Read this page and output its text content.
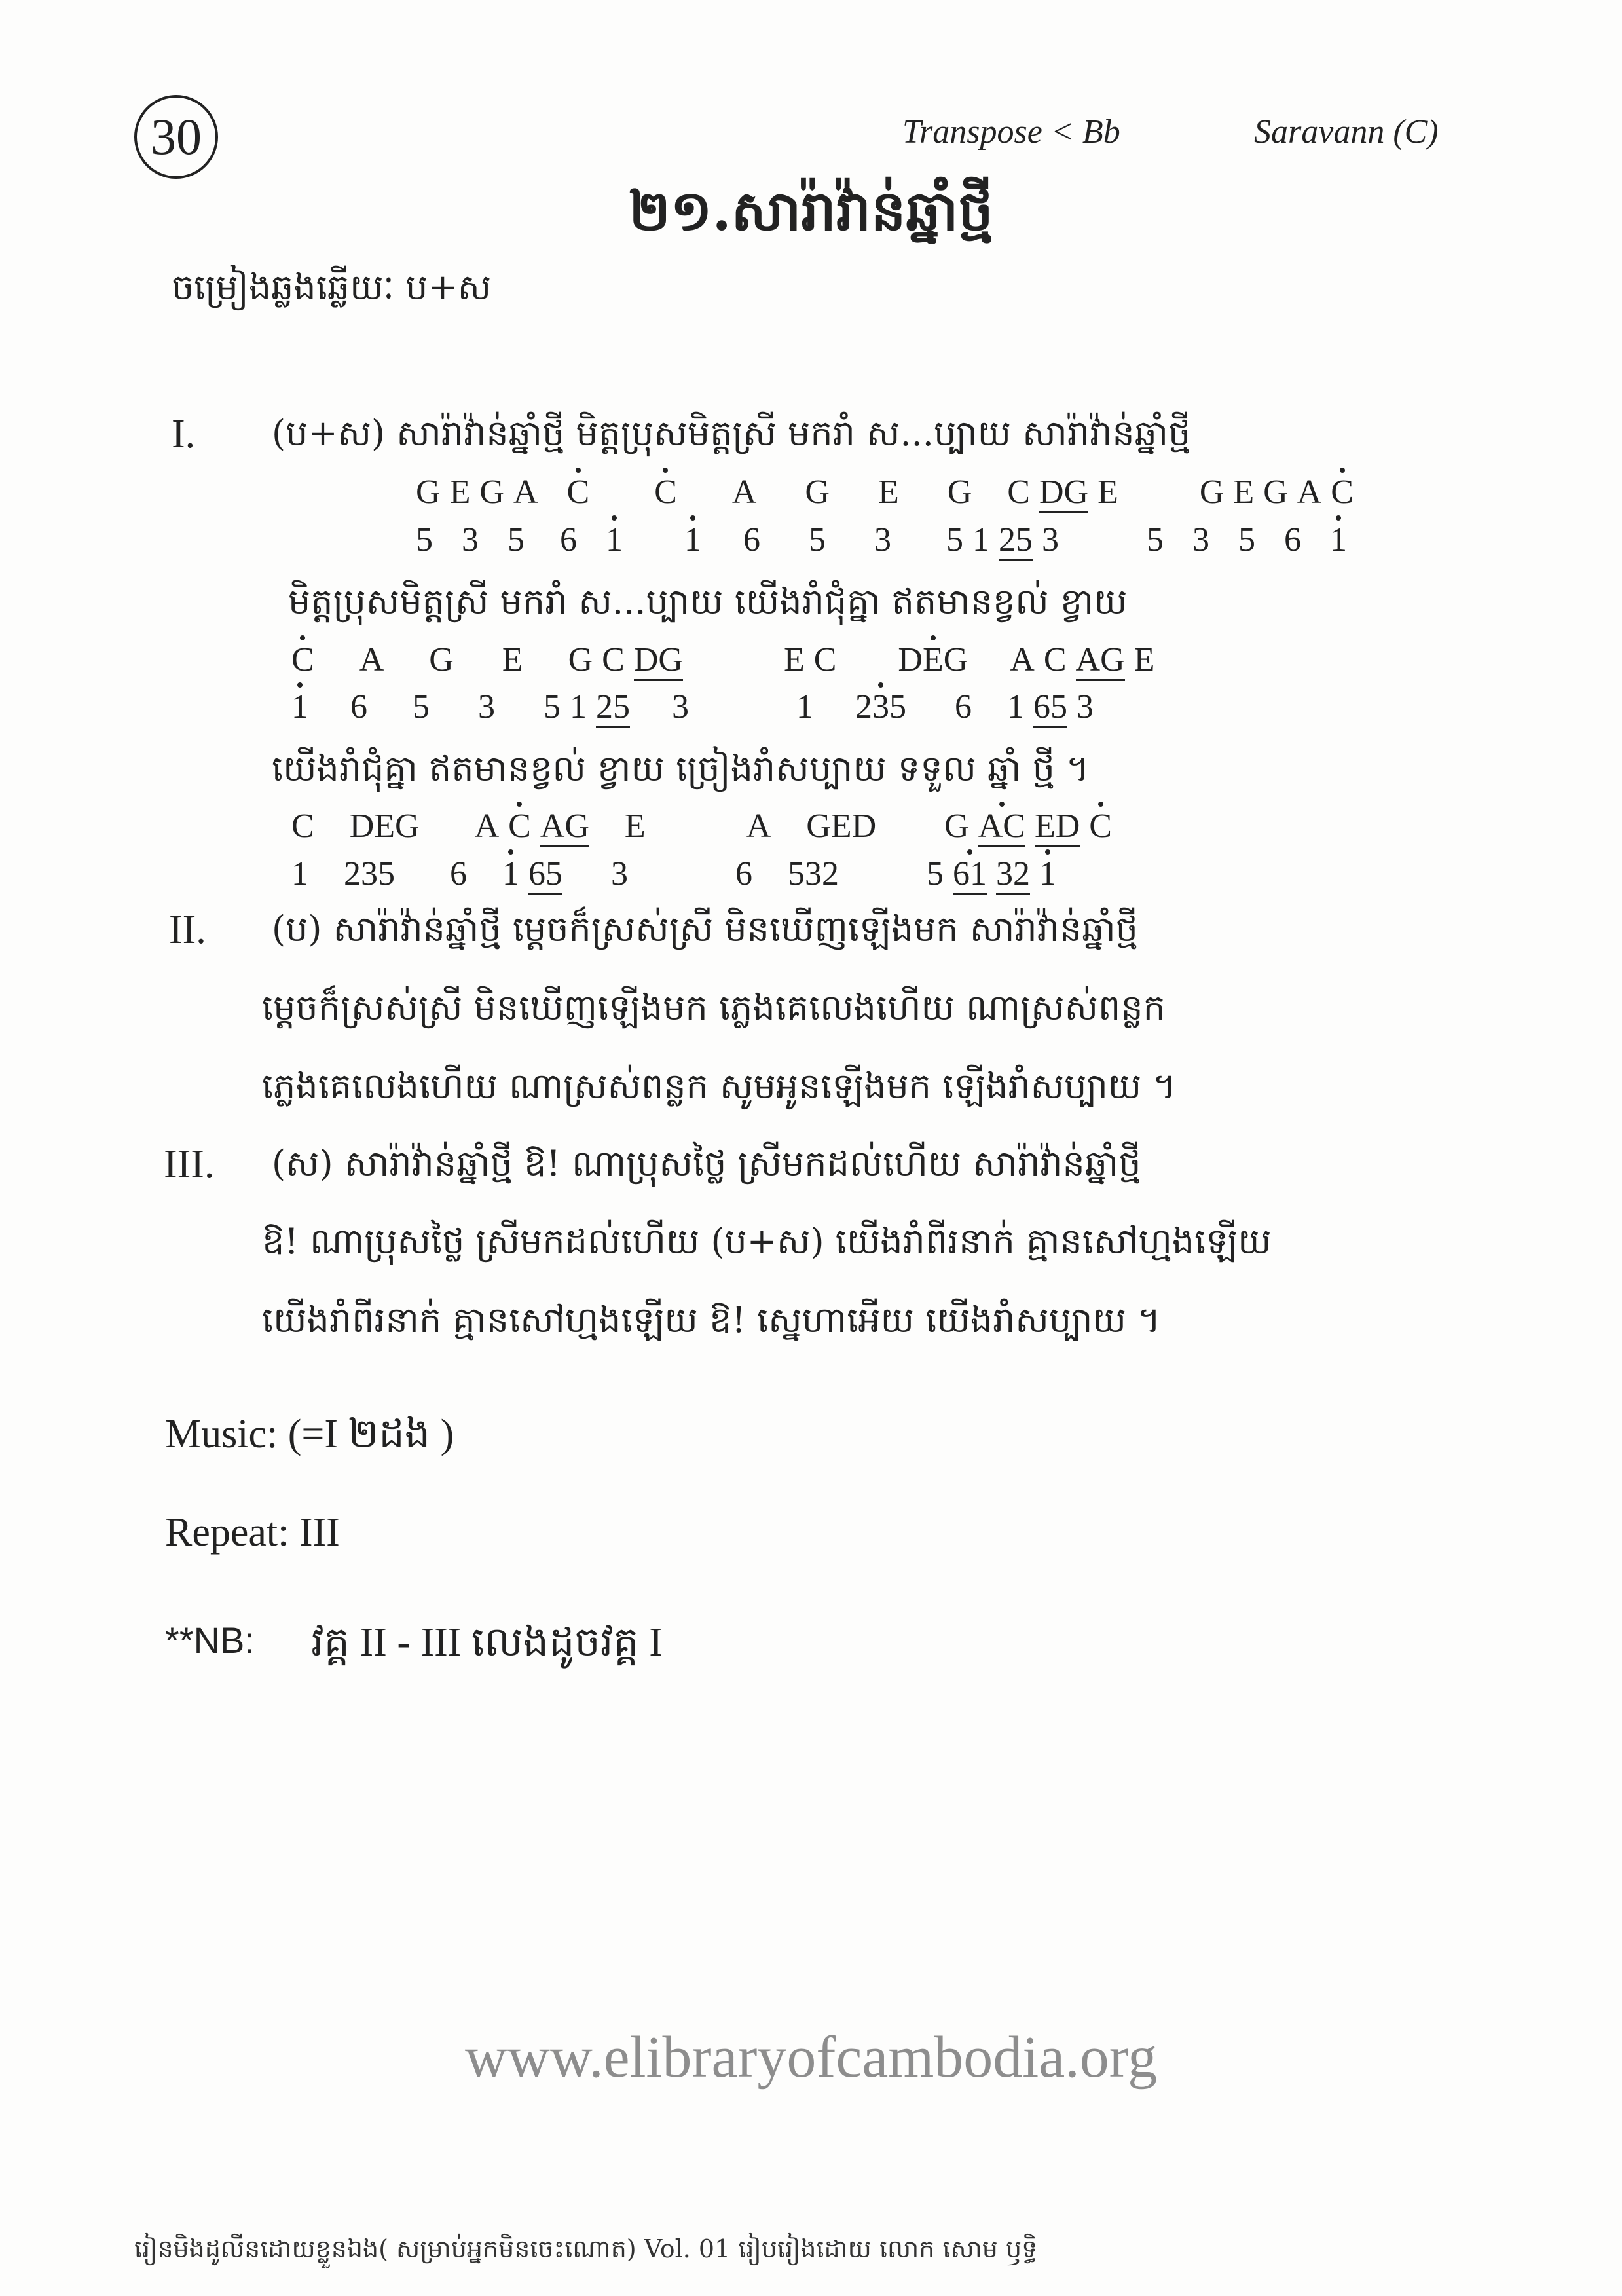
30	Transpose < Bb	Saravann (C)
២១.សារ៉ាវ៉ាន់ឆ្នាំថ្មី
ចម្រៀងឆ្លងឆ្លើយៈ ប+ស
I. (ប+ស) សារ៉ាវ៉ាន់ឆ្នាំថ្មី មិត្តប្រុសមិត្តស្រី មករាំ ស...ប្បាយ សារ៉ាវ៉ាន់ឆ្នាំថ្មី
G E G A C C A G E G C DG E G E G A C
5 3 5 6 1 1 6 5 3 5 1 25 3	5 3 5 6 1
មិត្តប្រុសមិត្តស្រី មករាំ ស...ប្បាយ យើងរាំជុំគ្នា ឥតមានខ្វល់ ខ្វាយ
C A G E G C DG	E C DEG A C AG E
1 6 5 3 5 1 25 3	1 235 6 1 65 3
យើងរាំជុំគ្នា ឥតមានខ្វល់ ខ្វាយ ច្រៀងរាំសប្បាយ ទទួល ឆ្នាំ ថ្មី ។
C DEG A C AG E	A GED G AC ED C
1 235 6 1 65 3	6 532	5 61 32 1
II. (ប) សារ៉ាវ៉ាន់ឆ្នាំថ្មី ម្តេចក៏ស្រស់ស្រី មិនឃើញឡើងមក សារ៉ាវ៉ាន់ឆ្នាំថ្មី
ម្តេចក៏ស្រស់ស្រី មិនឃើញឡើងមក ភ្លេងគេលេងហើយ ណាស្រស់ពន្លក
ភ្លេងគេលេងហើយ ណាស្រស់ពន្លក សូមអូនឡើងមក ឡើងរាំសប្បាយ ។
III. (ស) សារ៉ាវ៉ាន់ឆ្នាំថ្មី ឱ! ណាប្រុសថ្លៃ ស្រីមកដល់ហើយ សារ៉ាវ៉ាន់ឆ្នាំថ្មី
ឱ! ណាប្រុសថ្លៃ ស្រីមកដល់ហើយ (ប+ស) យើងរាំពីរនាក់ គ្មានសៅហ្មងឡើយ
យើងរាំពីរនាក់ គ្មានសៅហ្មងឡើយ ឱ! ស្នេហាអើយ យើងរាំសប្បាយ ។
Music: (=I ២ដង )
Repeat: III
**NB: វគ្គ II - III លេងដូចវគ្គ I
www.elibraryofcambodia.org
រៀនមិងដូលីនដោយខ្លួនឯង( សម្រាប់អ្នកមិនចេះណោត) Vol. 01 រៀបរៀងដោយ លោក សោម ឫទ្ធិ
